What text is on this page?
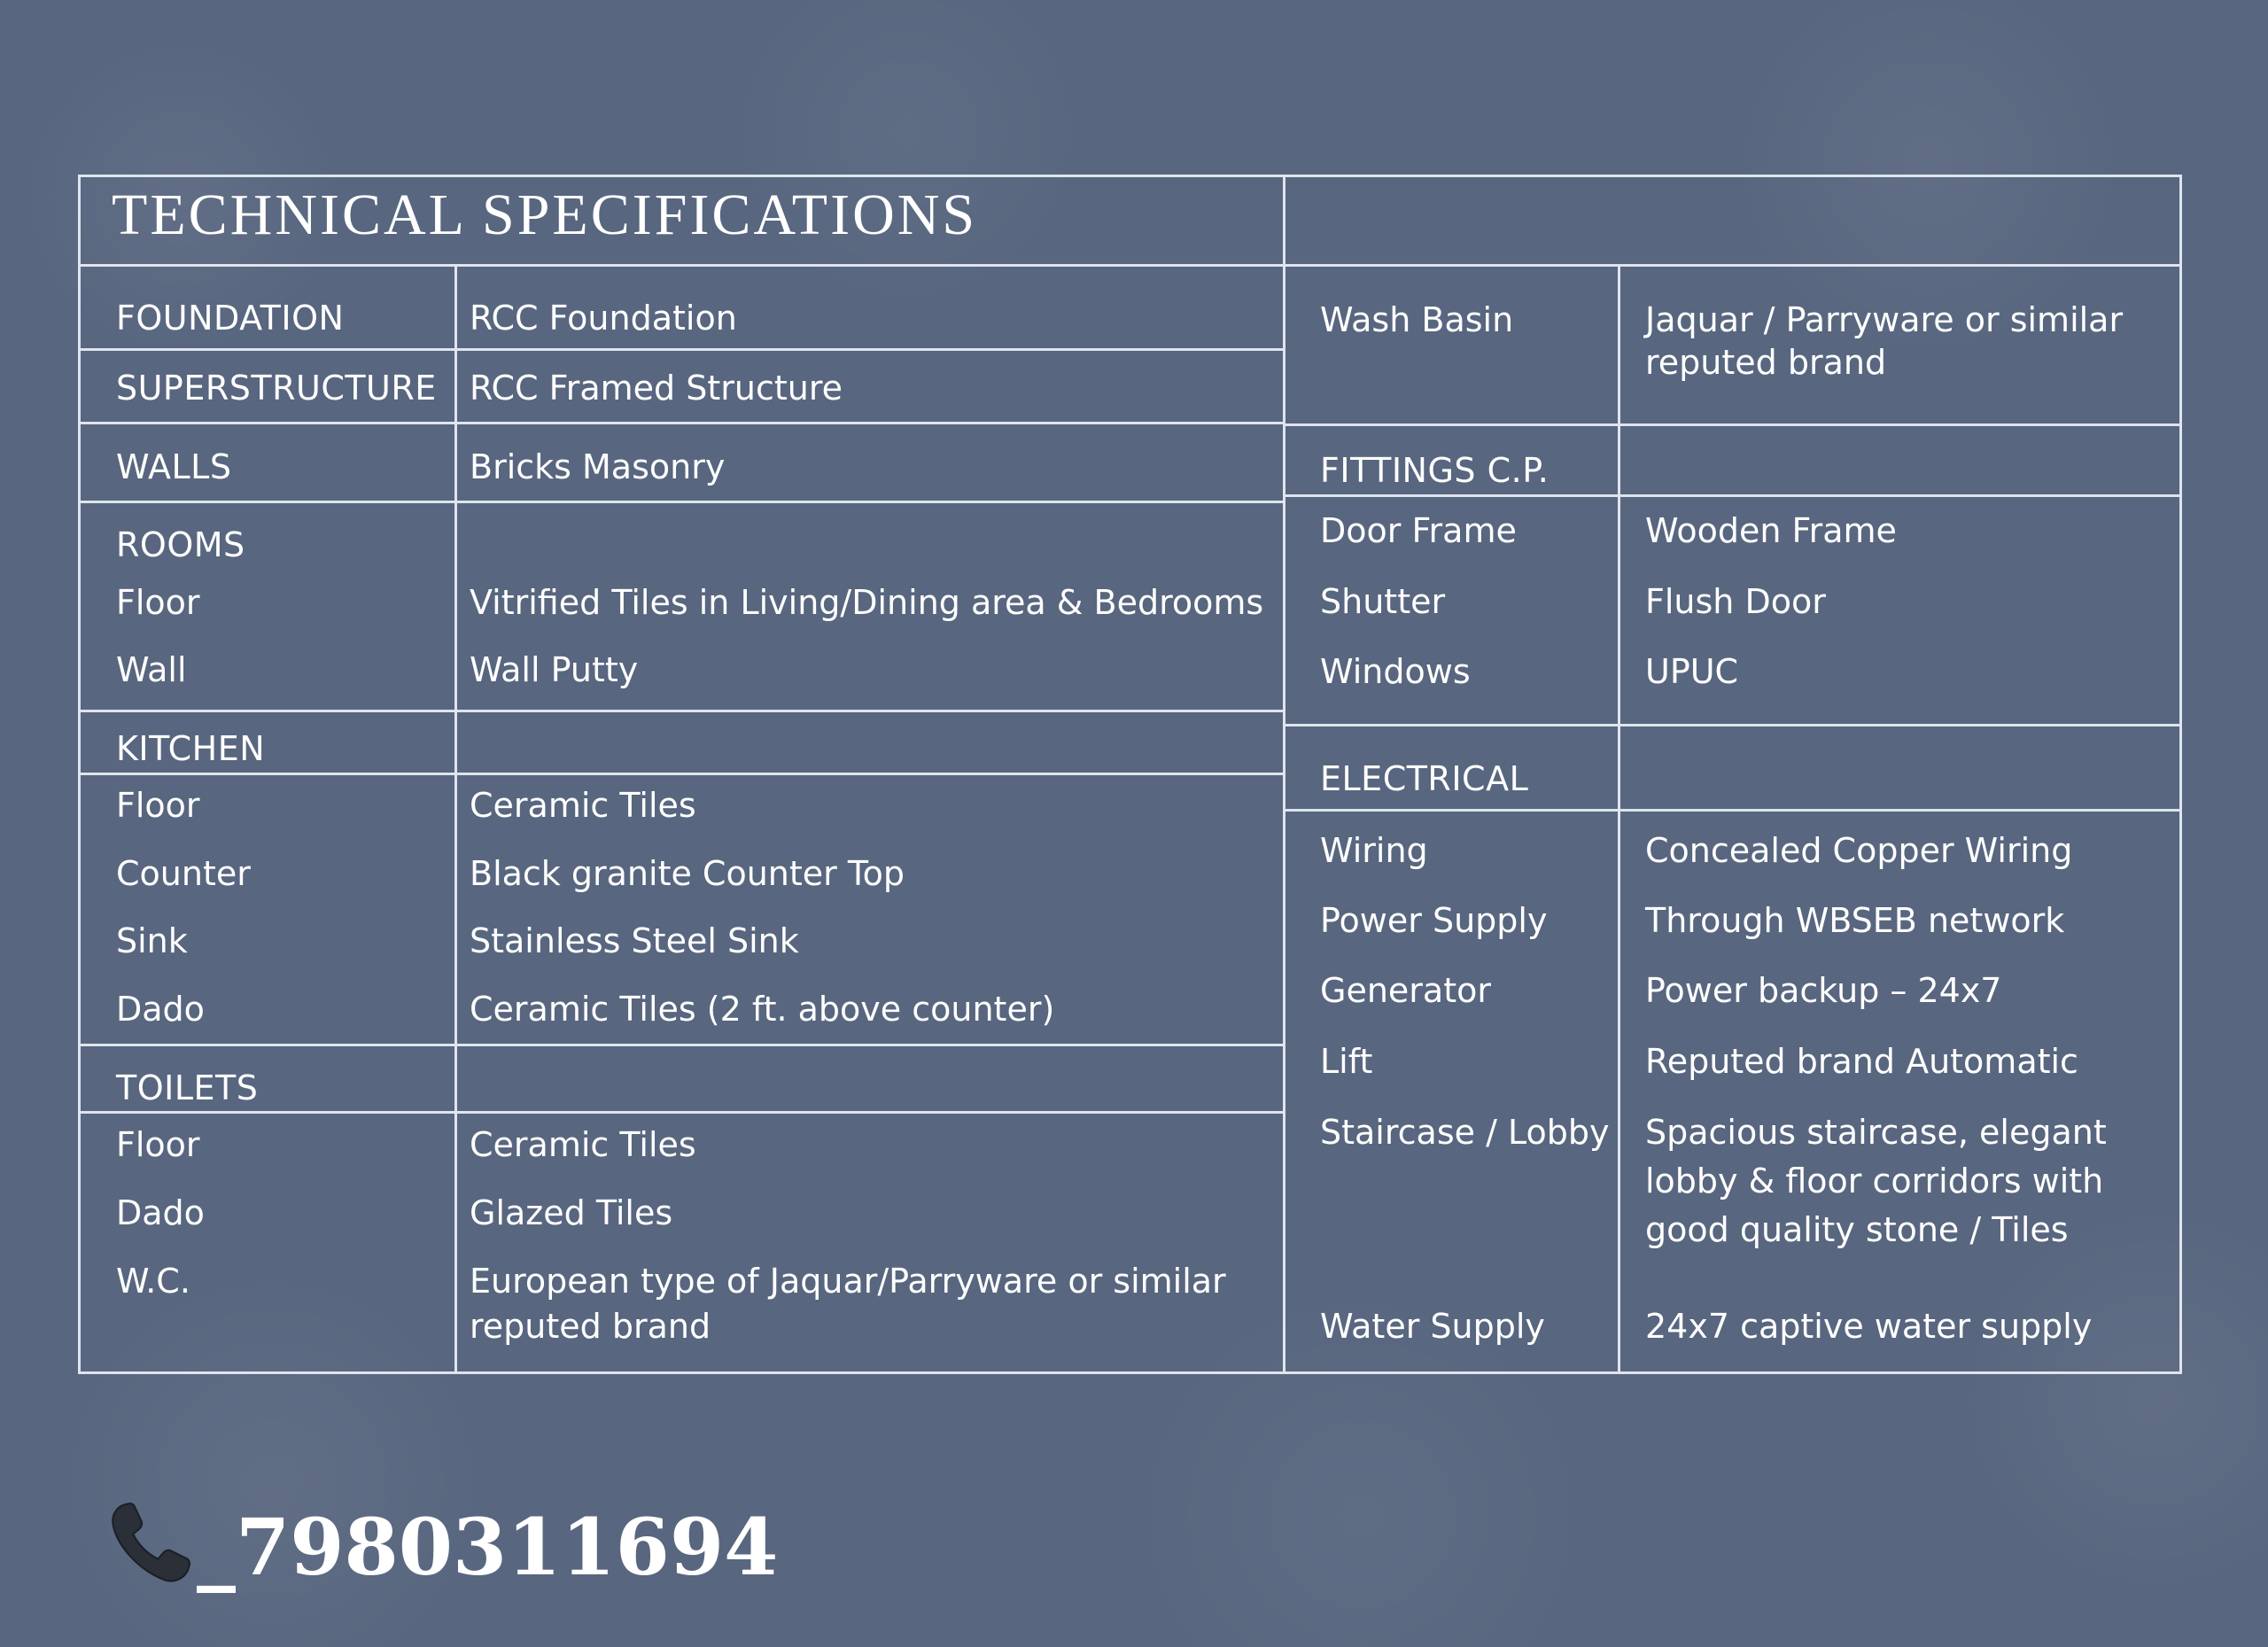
TECHNICAL SPECIFICATIONS
FOUNDATION	RCC Foundation
SUPERSTRUCTURE RCC Framed Structure
WALLS	Bricks Masonry
ROOMS
Floor	Vitrified Tiles in Living/Dining area & Bedrooms
Wall	Wall Putty
KITCHEN
Floor	Ceramic Tiles
Counter	Black granite Counter Top
Sink	Stainless Steel Sink
Dado	Ceramic Tiles (2 ft. above counter)
TOILETS
Floor	Ceramic Tiles
Dado	Glazed Tiles
W.C.	European type of Jaquar/Parryware or similar
reputed brand
Wash Basin	Jaquar / Parryware or similar
reputed brand
FITTINGS C.P.
Door Frame	Wooden Frame
Shutter	Flush Door
Windows	UPUC
ELECTRICAL
Wiring	Concealed Copper Wiring
Power Supply	Through WBSEB network
Generator	Power backup – 24x7
Lift	Reputed brand Automatic
Staircase / Lobby Spacious staircase, elegant
lobby & floor corridors with
good quality stone / Tiles
Water Supply	24x7 captive water supply
_7980311694
